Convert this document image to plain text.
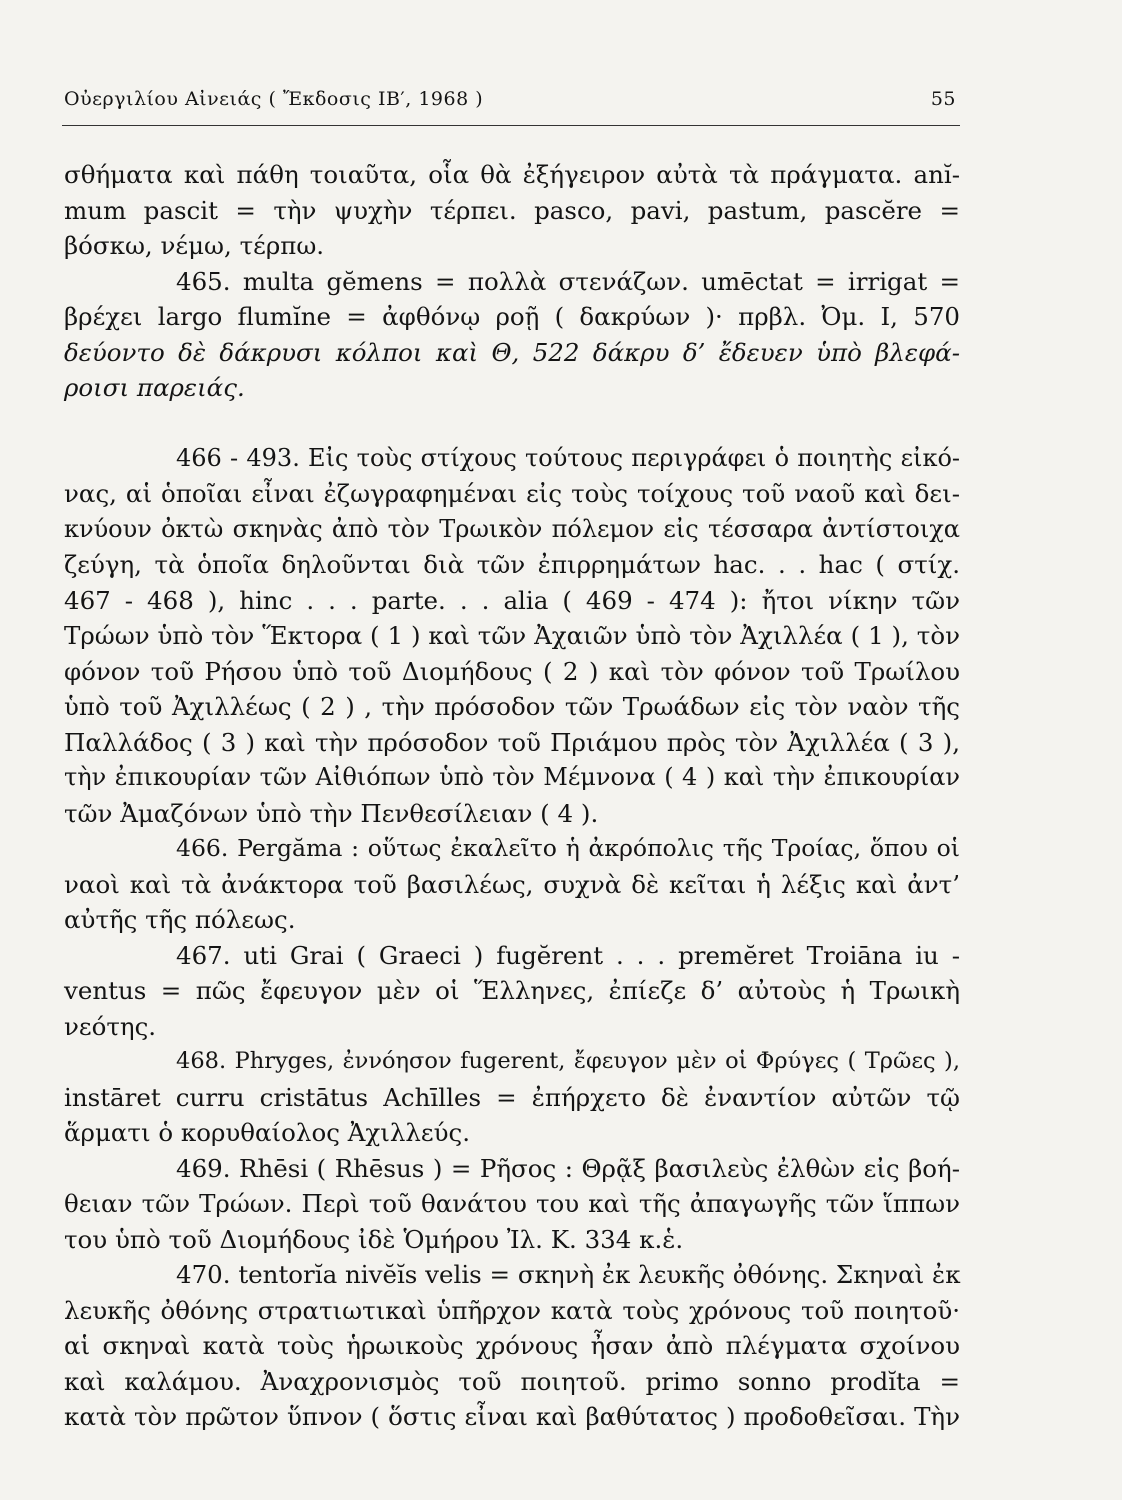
Οὐεργιλίου Αἰνειάς ( Ἔκδοσις ΙΒ′, 1968 )	55
σθήματα καὶ πάθη τοιαῦτα, οἷα θὰ ἐξήγειρον αὐτὰ τὰ πράγματα. anĭ-
mum pascit = τὴν ψυχὴν τέρπει. pasco, pavi, pastum, pascĕre =
βόσκω, νέμω, τέρπω.
465. multa gĕmens = πολλὰ στενάζων. umēctat = irrigat =
βρέχει largo flumĭne = ἀφθόνῳ ροῇ ( δακρύων )· πρβλ. Ὀμ. Ι, 570
δεύοντο δὲ δάκρυσι κόλποι καὶ Θ, 522 δάκρυ δ’ ἔδευεν ὑπὸ βλεφά-
ροισι παρειάς.
466 - 493. Εἰς τοὺς στίχους τούτους περιγράφει ὁ ποιητὴς εἰκό-
νας, αἱ ὁποῖαι εἶναι ἐζωγραφημέναι εἰς τοὺς τοίχους τοῦ ναοῦ καὶ δει-
κνύουν ὀκτὼ σκηνὰς ἀπὸ τὸν Τρωικὸν πόλεμον εἰς τέσσαρα ἀντίστοιχα
ζεύγη, τὰ ὁποῖα δηλοῦνται διὰ τῶν ἐπιρρημάτων hac. . . hac ( στίχ.
467 - 468 ), hinc . . . parte. . . alia ( 469 - 474 ): ἤτοι νίκην τῶν
Τρώων ὑπὸ τὸν Ἕκτορα ( 1 ) καὶ τῶν Ἀχαιῶν ὑπὸ τὸν Ἀχιλλέα ( 1 ), τὸν
φόνον τοῦ Ρήσου ὑπὸ τοῦ Διομήδους ( 2 ) καὶ τὸν φόνον τοῦ Τρωίλου
ὑπὸ τοῦ Ἀχιλλέως ( 2 ) , τὴν πρόσοδον τῶν Τρωάδων εἰς τὸν ναὸν τῆς
Παλλάδος ( 3 ) καὶ τὴν πρόσοδον τοῦ Πριάμου πρὸς τὸν Ἀχιλλέα ( 3 ),
τὴν ἐπικουρίαν τῶν Αἰθιόπων ὑπὸ τὸν Μέμνονα ( 4 ) καὶ τὴν ἐπικουρίαν
τῶν Ἀμαζόνων ὑπὸ τὴν Πενθεσίλειαν ( 4 ).
466. Pergăma : οὕτως ἐκαλεῖτο ἡ ἀκρόπολις τῆς Τροίας, ὅπου οἱ
ναοὶ καὶ τὰ ἀνάκτορα τοῦ βασιλέως, συχνὰ δὲ κεῖται ἡ λέξις καὶ ἀντ’
αὐτῆς τῆς πόλεως.
467. uti Grai ( Graeci ) fugĕrent . . . premĕret Troiāna iu -
ventus = πῶς ἔφευγον μὲν οἱ Ἕλληνες, ἐπίεζε δ’ αὐτοὺς ἡ Τρωικὴ
νεότης.
468. Phryges, ἐννόησον fugerent, ἔφευγον μὲν οἱ Φρύγες ( Τρῶες ),
instāret curru cristātus Achīlles = ἐπήρχετο δὲ ἐναντίον αὐτῶν τῷ
ἅρματι ὁ κορυθαίολος Ἀχιλλεύς.
469. Rhēsi ( Rhēsus ) = Ρῆσος : Θρᾷξ βασιλεὺς ἐλθὼν εἰς βοή-
θειαν τῶν Τρώων. Περὶ τοῦ θανάτου του καὶ τῆς ἀπαγωγῆς τῶν ἵππων
του ὑπὸ τοῦ Διομήδους ἰδὲ Ὁμήρου Ἰλ. Κ. 334 κ.ἑ.
470. tentorĭa nivĕĭs velis = σκηνὴ ἐκ λευκῆς ὀθόνης. Σκηναὶ ἐκ
λευκῆς ὀθόνης στρατιωτικαὶ ὑπῆρχον κατὰ τοὺς χρόνους τοῦ ποιητοῦ·
αἱ σκηναὶ κατὰ τοὺς ἡρωικοὺς χρόνους ἦσαν ἀπὸ πλέγματα σχοίνου
καὶ καλάμου. Ἀναχρονισμὸς τοῦ ποιητοῦ. primo sonno prodĭta =
κατὰ τὸν πρῶτον ὕπνον ( ὅστις εἶναι καὶ βαθύτατος ) προδοθεῖσαι. Τὴν
